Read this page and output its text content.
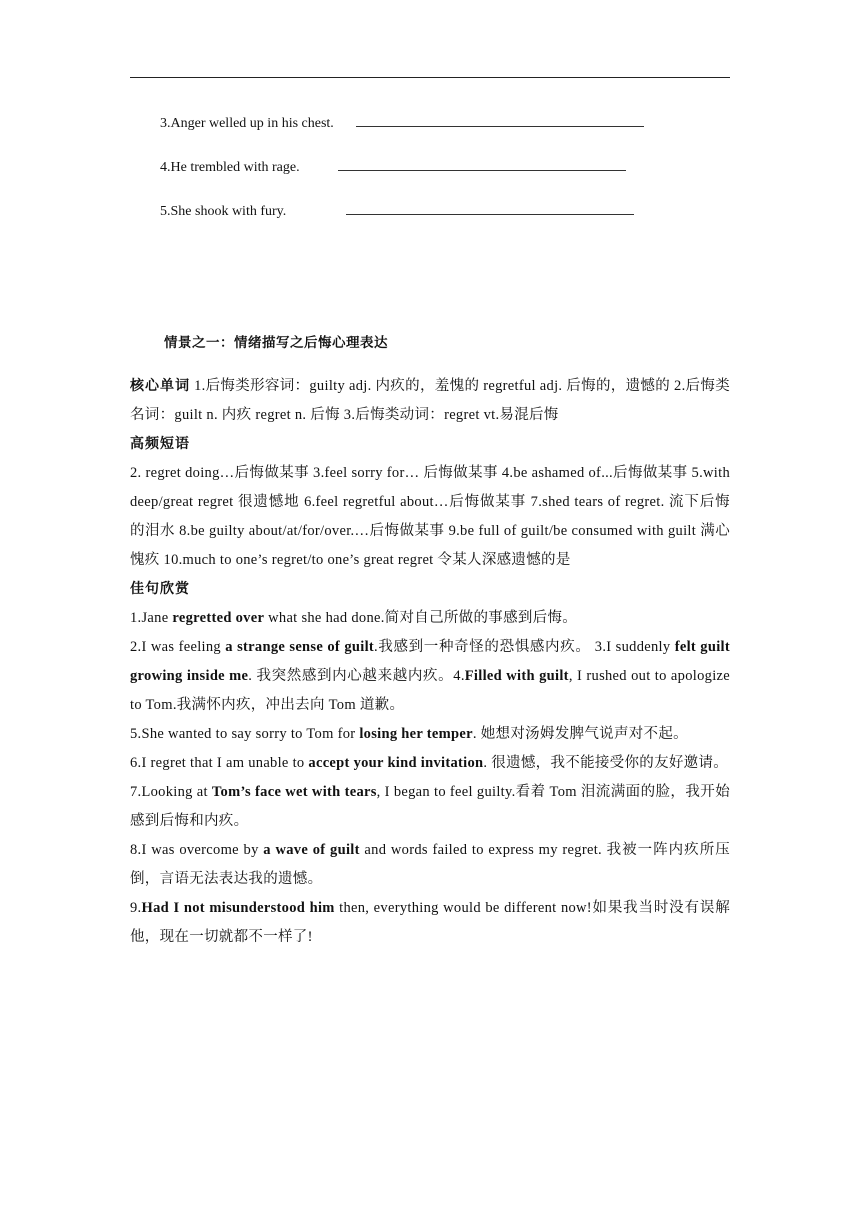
3.Anger welled up in his chest.
4.He trembled with rage.
5.She shook with fury.
情景之一：情绪描写之后悔心理表达

核心单词 1.后悔类形容词：guilty adj. 内疚的，羞愧的 regretful adj. 后悔的，遗憾的 2.后悔类名词：guilt n. 内疚 regret n. 后悔 3.后悔类动词：regret vt.易混后悔

高频短语

2. regret doing…后悔做某事 3.feel sorry for… 后悔做某事 4.be ashamed of...后悔做某事 5.with deep/great regret 很遗憾地 6.feel regretful about…后悔做某事 7.shed tears of regret. 流下后悔的泪水 8.be guilty about/at/for/over.…后悔做某事 9.be full of guilt/be consumed with guilt 满心愧疚 10.much to one’s regret/to one’s great regret 令某人深感遗憾的是

佳句欣赏

1.Jane regretted over what she had done.简对自己所做的事感到后悔。

2.I was feeling a strange sense of guilt.我感到一种奇怪的恐惧感内疚。 3.I suddenly felt guilt growing inside me. 我突然感到内心越来越内疚。4.Filled with guilt, I rushed out to apologize to Tom.我满怀内疚，冲出去向 Tom 道歉。

5.She wanted to say sorry to Tom for losing her temper. 她想对汤姆发脾气说声对不起。

6.I regret that I am unable to accept your kind invitation. 很遗憾，我不能接受你的友好邀请。

7.Looking at Tom’s face wet with tears, I began to feel guilty.看着 Tom 泪流满面的脸，我开始感到后悔和内疚。

8.I was overcome by a wave of guilt and words failed to express my regret. 我被一阵内疚所压倒，言语无法表达我的遗憾。

9.Had I not misunderstood him then, everything would be different now!如果我当时没有误解他，现在一切就都不一样了!
